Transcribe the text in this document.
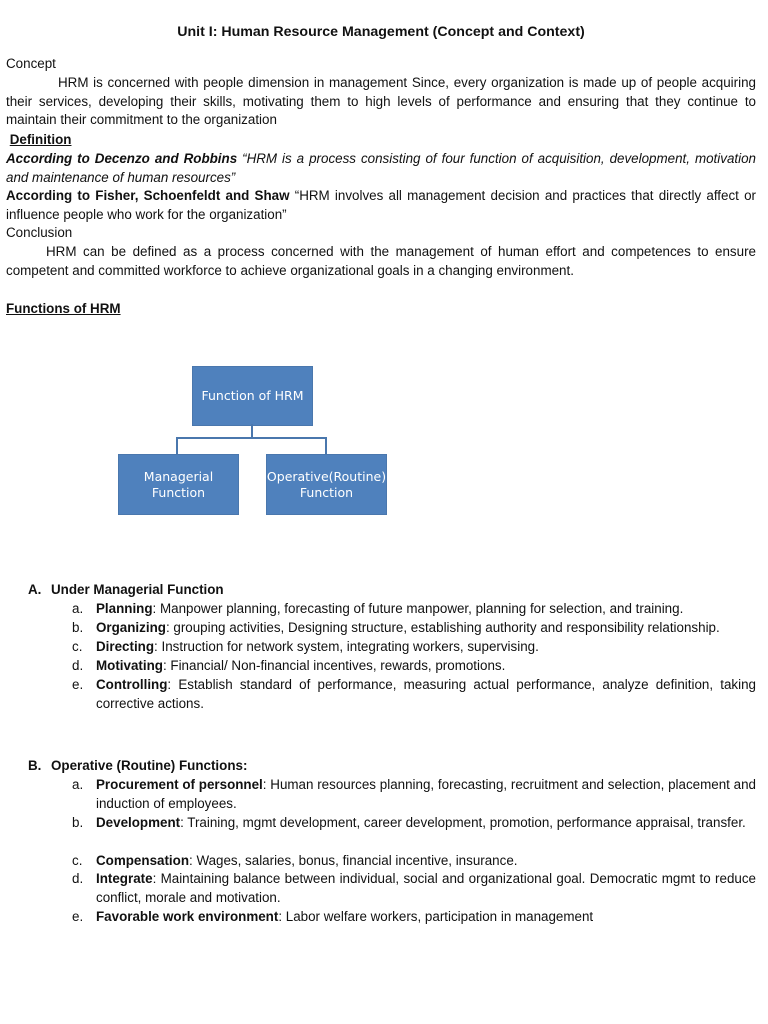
Unit I: Human Resource Management (Concept and Context)
Concept
HRM is concerned with people dimension in management Since, every organization is made up of people acquiring their services, developing their skills, motivating them to high levels of performance and ensuring that they continue to maintain their commitment to the organization
Definition
According to Decenzo and Robbins “HRM is a process consisting of four function of acquisition, development, motivation and maintenance of human resources”
According to Fisher, Schoenfeldt and Shaw “HRM involves all management decision and practices that directly affect or influence people who work for the organization”
Conclusion
HRM can be defined as a process concerned with the management of human effort and competences to ensure competent and committed workforce to achieve organizational goals in a changing environment.
Functions of HRM
Function of HRM
Managerial
Function
Operative(Routine)
Function
A. Under Managerial Function
a. Planning: Manpower planning, forecasting of future manpower, planning for selection, and training.
b. Organizing: grouping activities, Designing structure, establishing authority and responsibility relationship.
c. Directing: Instruction for network system, integrating workers, supervising.
d. Motivating: Financial/ Non-financial incentives, rewards, promotions.
e. Controlling: Establish standard of performance, measuring actual performance, analyze definition, taking corrective actions.
B. Operative (Routine) Functions:
a. Procurement of personnel: Human resources planning, forecasting, recruitment and selection, placement and induction of employees.
b. Development: Training, mgmt development, career development, promotion, performance appraisal, transfer.
c. Compensation: Wages, salaries, bonus, financial incentive, insurance.
d. Integrate: Maintaining balance between individual, social and organizational goal. Democratic mgmt to reduce conflict, morale and motivation.
e. Favorable work environment: Labor welfare workers, participation in management
